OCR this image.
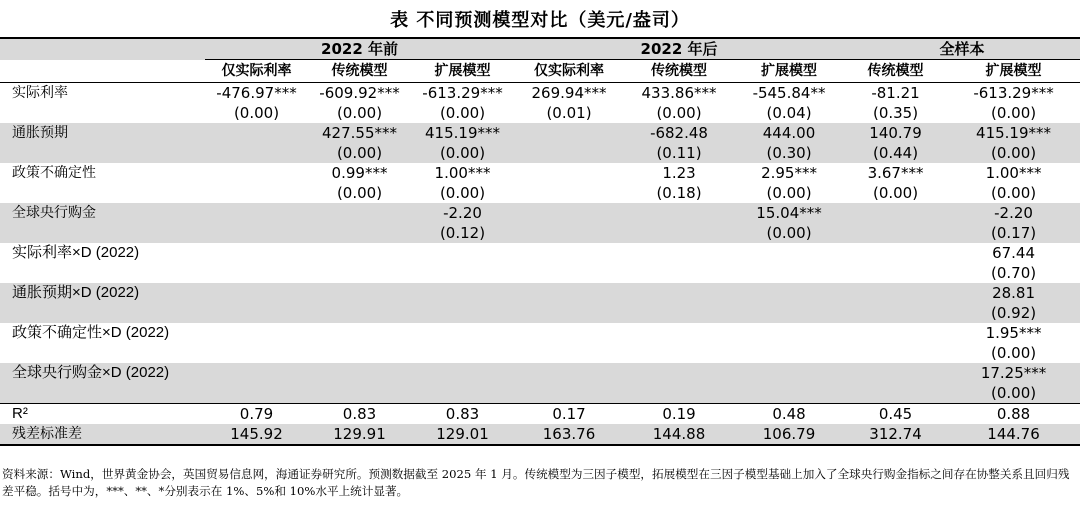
表 不同预测模型对比（美元/盎司）
	2022 年前			2022 年后			全样本	
	仅实际利率	传统模型	扩展模型	仅实际利率	传统模型	扩展模型	传统模型	扩展模型
实际利率	-476.97***	-609.92***	-613.29***	269.94***	433.86***	-545.84**	-81.21	-613.29***
	(0.00)	(0.00)	(0.00)	(0.01)	(0.00)	(0.04)	(0.35)	(0.00)
通胀预期		427.55***	415.19***		-682.48	444.00	140.79	415.19***
		(0.00)	(0.00)		(0.11)	(0.30)	(0.44)	(0.00)
政策不确定性		0.99***	1.00***		1.23	2.95***	3.67***	1.00***
		(0.00)	(0.00)		(0.18)	(0.00)	(0.00)	(0.00)
全球央行购金			-2.20			15.04***		-2.20
			(0.12)			(0.00)		(0.17)
实际利率×D (2022)								67.44
								(0.70)
通胀预期×D (2022)								28.81
								(0.92)
政策不确定性×D (2022)								1.95***
								(0.00)
全球央行购金×D (2022)								17.25***
								(0.00)
R²	0.79	0.83	0.83	0.17	0.19	0.48	0.45	0.88
残差标准差	145.92	129.91	129.01	163.76	144.88	106.79	312.74	144.76
资料来源：Wind，世界黄金协会，英国贸易信息网，海通证券研究所。预测数据截至 2025 年 1 月。传统模型为三因子模型，拓展模型在三因子模型基础上加入了全球央行购金指标之间存在协整关系且回归残差平稳。括号中为，***、**、*分别表示在 1%、5%和 10%水平上统计显著。
